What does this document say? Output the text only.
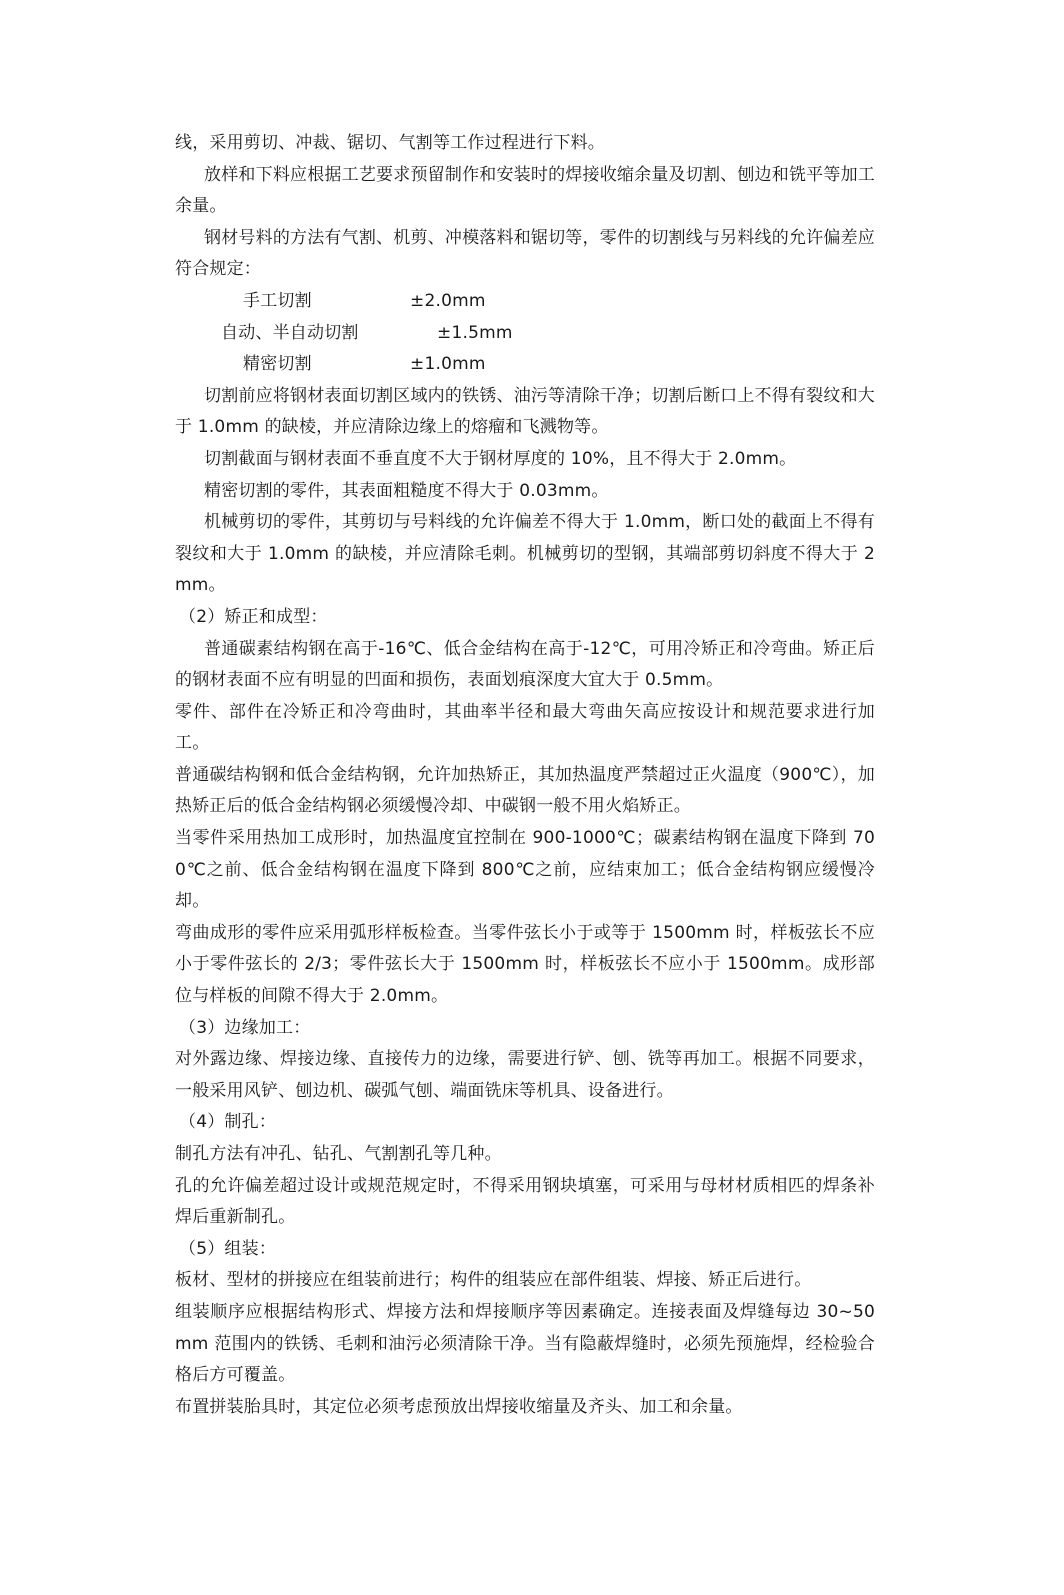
线，采用剪切、冲裁、锯切、气割等工作过程进行下料。

放样和下料应根据工艺要求预留制作和安装时的焊接收缩余量及切割、刨边和铣平等加工余量。

钢材号料的方法有气割、机剪、冲模落料和锯切等，零件的切割线与另料线的允许偏差应符合规定：

手工切割	±2.0mm
自动、半自动切割	±1.5mm
精密切割	±1.0mm

切割前应将钢材表面切割区域内的铁锈、油污等清除干净；切割后断口上不得有裂纹和大于 1.0mm 的缺棱，并应清除边缘上的熔瘤和飞溅物等。

切割截面与钢材表面不垂直度不大于钢材厚度的 10%，且不得大于 2.0mm。

精密切割的零件，其表面粗糙度不得大于 0.03mm。

机械剪切的零件，其剪切与号料线的允许偏差不得大于 1.0mm，断口处的截面上不得有裂纹和大于 1.0mm 的缺棱，并应清除毛刺。机械剪切的型钢，其端部剪切斜度不得大于 2mm。

（2）矫正和成型：

普通碳素结构钢在高于-16℃、低合金结构在高于-12℃，可用冷矫正和冷弯曲。矫正后的钢材表面不应有明显的凹面和损伤，表面划痕深度大宜大于 0.5mm。

零件、部件在冷矫正和冷弯曲时，其曲率半径和最大弯曲矢高应按设计和规范要求进行加工。

普通碳结构钢和低合金结构钢，允许加热矫正，其加热温度严禁超过正火温度（900℃），加热矫正后的低合金结构钢必须缓慢冷却、中碳钢一般不用火焰矫正。

当零件采用热加工成形时，加热温度宜控制在 900-1000℃；碳素结构钢在温度下降到 700℃之前、低合金结构钢在温度下降到 800℃之前，应结束加工；低合金结构钢应缓慢冷却。

弯曲成形的零件应采用弧形样板检查。当零件弦长小于或等于 1500mm 时，样板弦长不应小于零件弦长的 2/3；零件弦长大于 1500mm 时，样板弦长不应小于 1500mm。成形部位与样板的间隙不得大于 2.0mm。

（3）边缘加工：

对外露边缘、焊接边缘、直接传力的边缘，需要进行铲、刨、铣等再加工。根据不同要求，一般采用风铲、刨边机、碳弧气刨、端面铣床等机具、设备进行。

（4）制孔：

制孔方法有冲孔、钻孔、气割割孔等几种。

孔的允许偏差超过设计或规范规定时，不得采用钢块填塞，可采用与母材材质相匹的焊条补焊后重新制孔。

（5）组装：

板材、型材的拼接应在组装前进行；构件的组装应在部件组装、焊接、矫正后进行。

组装顺序应根据结构形式、焊接方法和焊接顺序等因素确定。连接表面及焊缝每边 30~50mm 范围内的铁锈、毛刺和油污必须清除干净。当有隐蔽焊缝时，必须先预施焊，经检验合格后方可覆盖。

布置拼装胎具时，其定位必须考虑预放出焊接收缩量及齐头、加工和余量。
